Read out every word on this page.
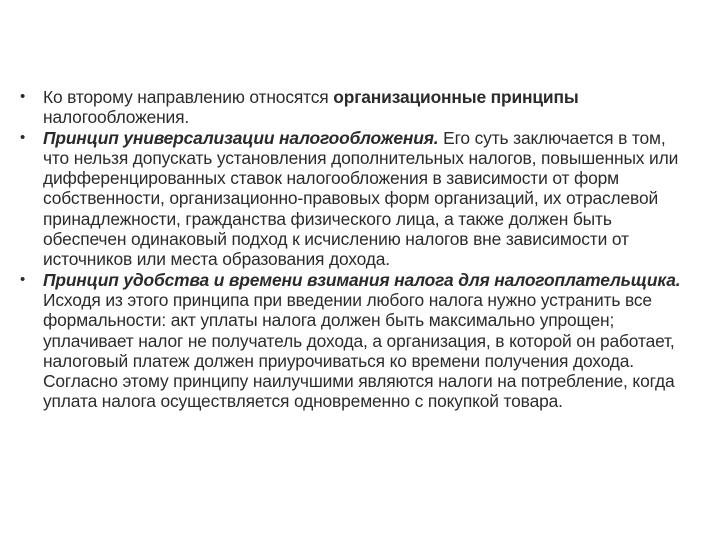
• Ко второму направлению относятся организационные принципы налогообложения.
• Принцип универсализации налогообложения. Его суть заключается в том, что нельзя допускать установления дополнительных налогов, повышенных или дифференцированных ставок налогообложения в зависимости от форм собственности, организационно-правовых форм организаций, их отраслевой принадлежности, гражданства физического лица, а также должен быть обеспечен одинаковый подход к исчислению налогов вне зависимости от источников или места образования дохода.
• Принцип удобства и времени взимания налога для налогоплательщика. Исходя из этого принципа при введении любого налога нужно устранить все формальности: акт уплаты налога должен быть максимально упрощен; уплачивает налог не получатель дохода, а организация, в которой он работает, налоговый платеж должен приурочиваться ко времени получения дохода. Согласно этому принципу наилучшими являются налоги на потребление, когда уплата налога осуществляется одновременно с покупкой товара.
